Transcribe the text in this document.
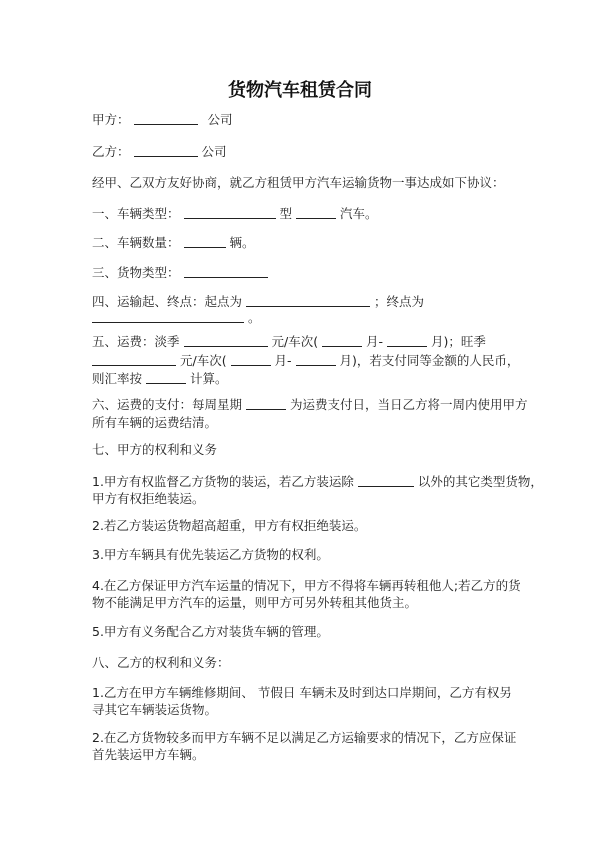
货物汽车租赁合同
甲方：	公司
乙方：	公司
经甲、乙双方友好协商，就乙方租赁甲方汽车运输货物一事达成如下协议：
一、车辆类型：	型	汽车。
二、车辆数量：	辆。
三、货物类型：
四、运输起、终点：起点为	；终点为
。
五、运费：淡季	元/车次(	月-	月)；旺季
元/车次(	月-	月)，若支付同等金额的人民币，
则汇率按	计算。
六、运费的支付：每周星期	为运费支付日，当日乙方将一周内使用甲方
所有车辆的运费结清。
七、甲方的权利和义务
1.甲方有权监督乙方货物的装运，若乙方装运除	以外的其它类型货物，
甲方有权拒绝装运。
2.若乙方装运货物超高超重，甲方有权拒绝装运。
3.甲方车辆具有优先装运乙方货物的权利。
4.在乙方保证甲方汽车运量的情况下，甲方不得将车辆再转租他人;若乙方的货
物不能满足甲方汽车的运量，则甲方可另外转租其他货主。
5.甲方有义务配合乙方对装货车辆的管理。
八、乙方的权利和义务：
1.乙方在甲方车辆维修期间、 节假日 车辆未及时到达口岸期间，乙方有权另
寻其它车辆装运货物。
2.在乙方货物较多而甲方车辆不足以满足乙方运输要求的情况下，乙方应保证
首先装运甲方车辆。
